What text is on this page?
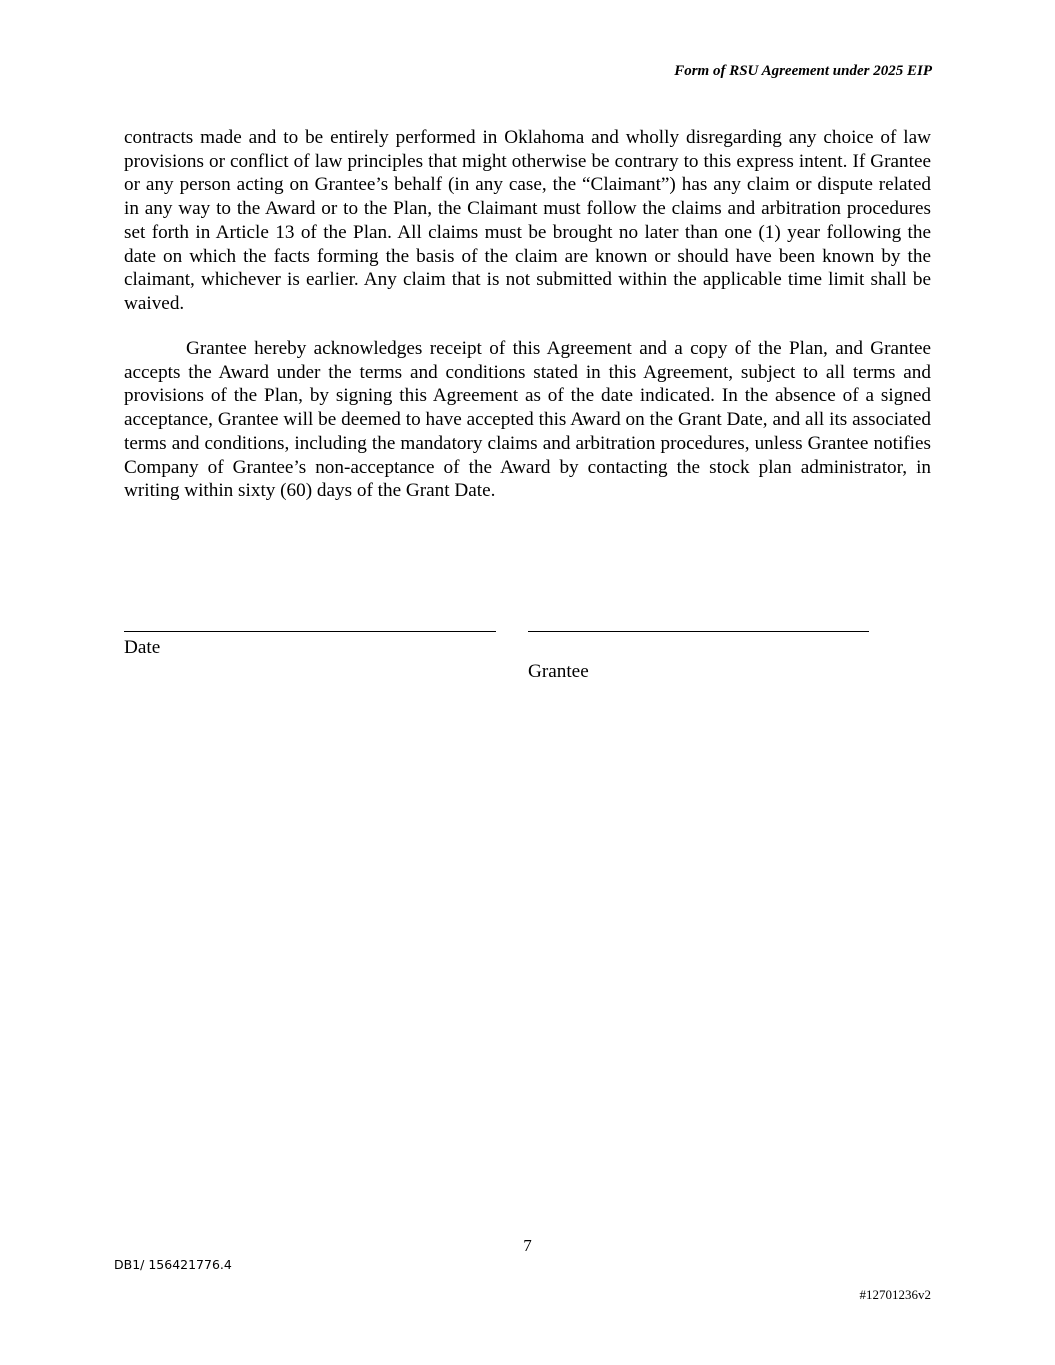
Form of RSU Agreement under 2025 EIP

contracts made and to be entirely performed in Oklahoma and wholly disregarding any choice of law provisions or conflict of law principles that might otherwise be contrary to this express intent. If Grantee or any person acting on Grantee’s behalf (in any case, the “Claimant”) has any claim or dispute related in any way to the Award or to the Plan, the Claimant must follow the claims and arbitration procedures set forth in Article 13 of the Plan. All claims must be brought no later than one (1) year following the date on which the facts forming the basis of the claim are known or should have been known by the claimant, whichever is earlier. Any claim that is not submitted within the applicable time limit shall be waived.

Grantee hereby acknowledges receipt of this Agreement and a copy of the Plan, and Grantee accepts the Award under the terms and conditions stated in this Agreement, subject to all terms and provisions of the Plan, by signing this Agreement as of the date indicated. In the absence of a signed acceptance, Grantee will be deemed to have accepted this Award on the Grant Date, and all its associated terms and conditions, including the mandatory claims and arbitration procedures, unless Grantee notifies Company of Grantee’s non-acceptance of the Award by contacting the stock plan administrator, in writing within sixty (60) days of the Grant Date.

Date
Grantee
7
DB1/ 156421776.4
#12701236v2
